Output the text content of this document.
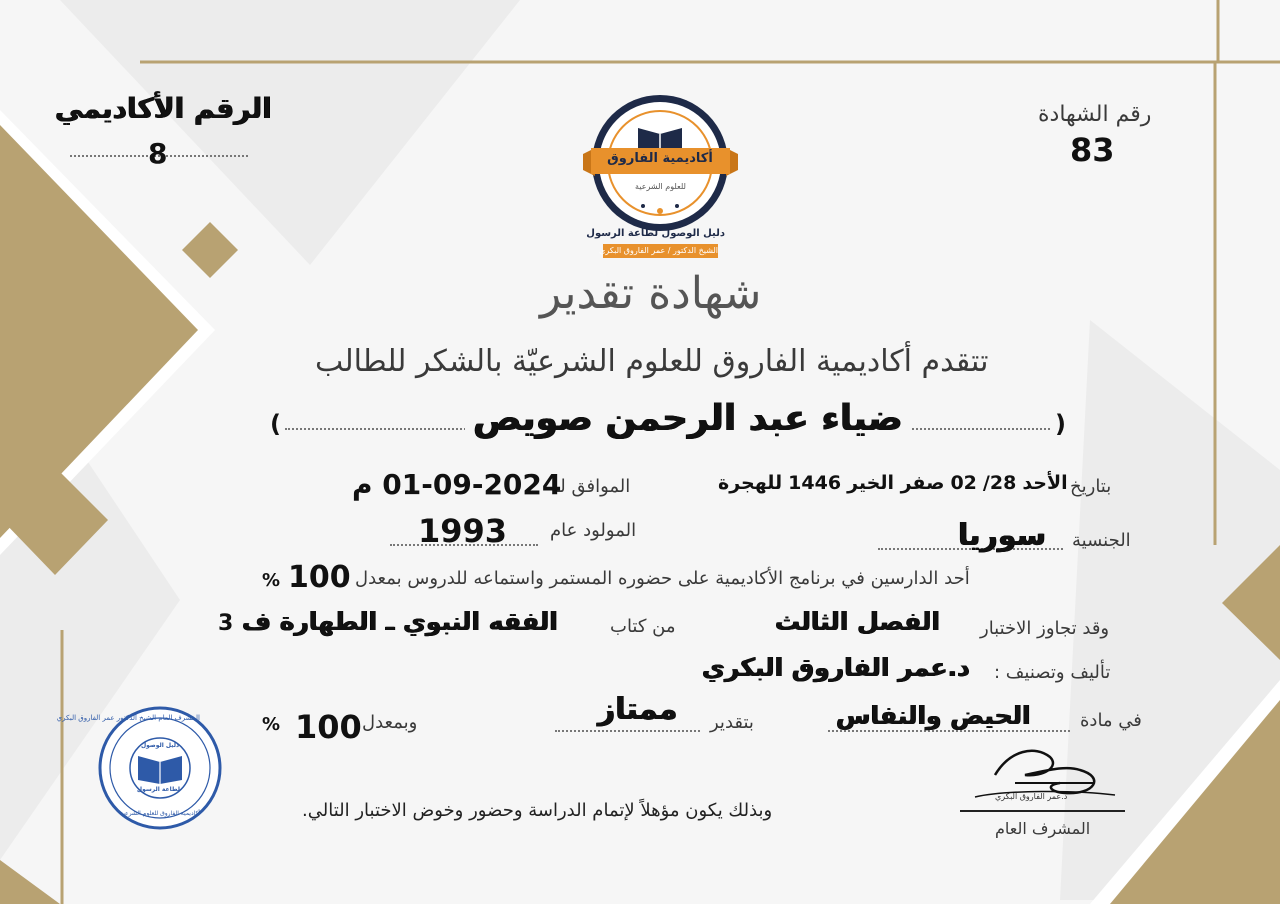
الرقم الأكاديمي
8
رقم الشهادة
83
أكاديمية الفاروق
للعلوم الشرعية
دليل الوصول لطاعة الرسول
الشيخ الدكتور / عمر الفاروق البكري
شهادة تقدير
تتقدم أكاديمية الفاروق للعلوم الشرعيّة بالشكر للطالب
)	(
ضياء عبد الرحمن صويص
بتاريخ
الأحد
28/
02
صفر الخير
1446
للهجرة
الموافق لـ
01-09-2024 م
الجنسية
سوريا
المولود عام
1993
أحد الدارسين في برنامج الأكاديمية على حضوره المستمر واستماعه للدروس بمعدل
100
%
وقد تجاوز الاختبار
الفصل الثالث
من كتاب
الفقه النبوي ـ الطهارة ف
3
تأليف وتصنيف :
د.عمر الفاروق البكري
في مادة
الحيض والنفاس
بتقدير
ممتاز
وبمعدل
100
%
وبذلك يكون مؤهلاً لإتمام الدراسة وحضور وخوض الاختبار التالي.
د.عمر الفاروق البكري
المشرف العام
المشرف العام الشيخ الدكتور عمر الفاروق البكري
دليل الوصول
لطاعة الرسول
أكاديمية الفاروق للعلوم الشرعية
